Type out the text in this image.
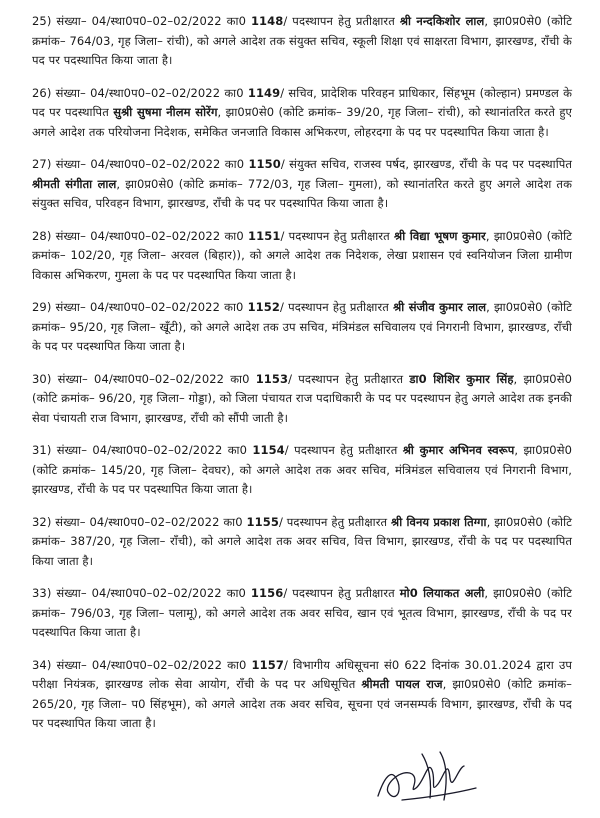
25) संख्या– 04/स्था0प0–02–02/2022 का0 1148/ पदस्थापन हेतु प्रतीक्षारत श्री नन्दकिशोर लाल, झा0प्र0से0 (कोटि क्रमांक– 764/03, गृह जिला– रांची), को अगले आदेश तक संयुक्त सचिव, स्कूली शिक्षा एवं साक्षरता विभाग, झारखण्ड, राँची के पद पर पदस्थापित किया जाता है।

26) संख्या– 04/स्था0प0–02–02/2022 का0 1149/ सचिव, प्रादेशिक परिवहन प्राधिकार, सिंहभूम (कोल्हान) प्रमण्डल के पद पर पदस्थापित सुश्री सुषमा नीलम सोरेंग, झा0प्र0से0 (कोटि क्रमांक– 39/20, गृह जिला– रांची), को स्थानांतरित करते हुए अगले आदेश तक परियोजना निदेशक, समेकित जनजाति विकास अभिकरण, लोहरदगा के पद पर पदस्थापित किया जाता है।

27) संख्या– 04/स्था0प0–02–02/2022 का0 1150/ संयुक्त सचिव, राजस्व पर्षद, झारखण्ड, राँची के पद पर पदस्थापित श्रीमती संगीता लाल, झा0प्र0से0 (कोटि क्रमांक– 772/03, गृह जिला– गुमला), को स्थानांतरित करते हुए अगले आदेश तक संयुक्त सचिव, परिवहन विभाग, झारखण्ड, राँची के पद पर पदस्थापित किया जाता है।

28) संख्या– 04/स्था0प0–02–02/2022 का0 1151/ पदस्थापन हेतु प्रतीक्षारत श्री विद्या भूषण कुमार, झा0प्र0से0 (कोटि क्रमांक– 102/20, गृह जिला– अरवल (बिहार)), को अगले आदेश तक निदेशक, लेखा प्रशासन एवं स्वनियोजन जिला ग्रामीण विकास अभिकरण, गुमला के पद पर पदस्थापित किया जाता है।

29) संख्या– 04/स्था0प0–02–02/2022 का0 1152/ पदस्थापन हेतु प्रतीक्षारत श्री संजीव कुमार लाल, झा0प्र0से0 (कोटि क्रमांक– 95/20, गृह जिला– खूँटी), को अगले आदेश तक उप सचिव, मंत्रिमंडल सचिवालय एवं निगरानी विभाग, झारखण्ड, राँची के पद पर पदस्थापित किया जाता है।

30) संख्या– 04/स्था0प0–02–02/2022 का0 1153/ पदस्थापन हेतु प्रतीक्षारत डा0 शिशिर कुमार सिंह, झा0प्र0से0 (कोटि क्रमांक– 96/20, गृह जिला– गोड्डा), को जिला पंचायत राज पदाधिकारी के पद पर पदस्थापन हेतु अगले आदेश तक इनकी सेवा पंचायती राज विभाग, झारखण्ड, राँची को सौंपी जाती है।

31) संख्या– 04/स्था0प0–02–02/2022 का0 1154/ पदस्थापन हेतु प्रतीक्षारत श्री कुमार अभिनव स्वरूप, झा0प्र0से0 (कोटि क्रमांक– 145/20, गृह जिला– देवघर), को अगले आदेश तक अवर सचिव, मंत्रिमंडल सचिवालय एवं निगरानी विभाग, झारखण्ड, राँची के पद पर पदस्थापित किया जाता है।

32) संख्या– 04/स्था0प0–02–02/2022 का0 1155/ पदस्थापन हेतु प्रतीक्षारत श्री विनय प्रकाश तिग्गा, झा0प्र0से0 (कोटि क्रमांक– 387/20, गृह जिला– राँची), को अगले आदेश तक अवर सचिव, वित्त विभाग, झारखण्ड, राँची के पद पर पदस्थापित किया जाता है।

33) संख्या– 04/स्था0प0–02–02/2022 का0 1156/ पदस्थापन हेतु प्रतीक्षारत मो0 लियाकत अली, झा0प्र0से0 (कोटि क्रमांक– 796/03, गृह जिला– पलामू), को अगले आदेश तक अवर सचिव, खान एवं भूतत्व विभाग, झारखण्ड, राँची के पद पर पदस्थापित किया जाता है।

34) संख्या– 04/स्था0प0–02–02/2022 का0 1157/ विभागीय अधिसूचना सं0 622 दिनांक 30.01.2024 द्वारा उप परीक्षा नियंत्रक, झारखण्ड लोक सेवा आयोग, राँची के पद पर अधिसूचित श्रीमती पायल राज, झा0प्र0से0 (कोटि क्रमांक– 265/20, गृह जिला– प0 सिंहभूम), को अगले आदेश तक अवर सचिव, सूचना एवं जनसम्पर्क विभाग, झारखण्ड, राँची के पद पर पदस्थापित किया जाता है।
